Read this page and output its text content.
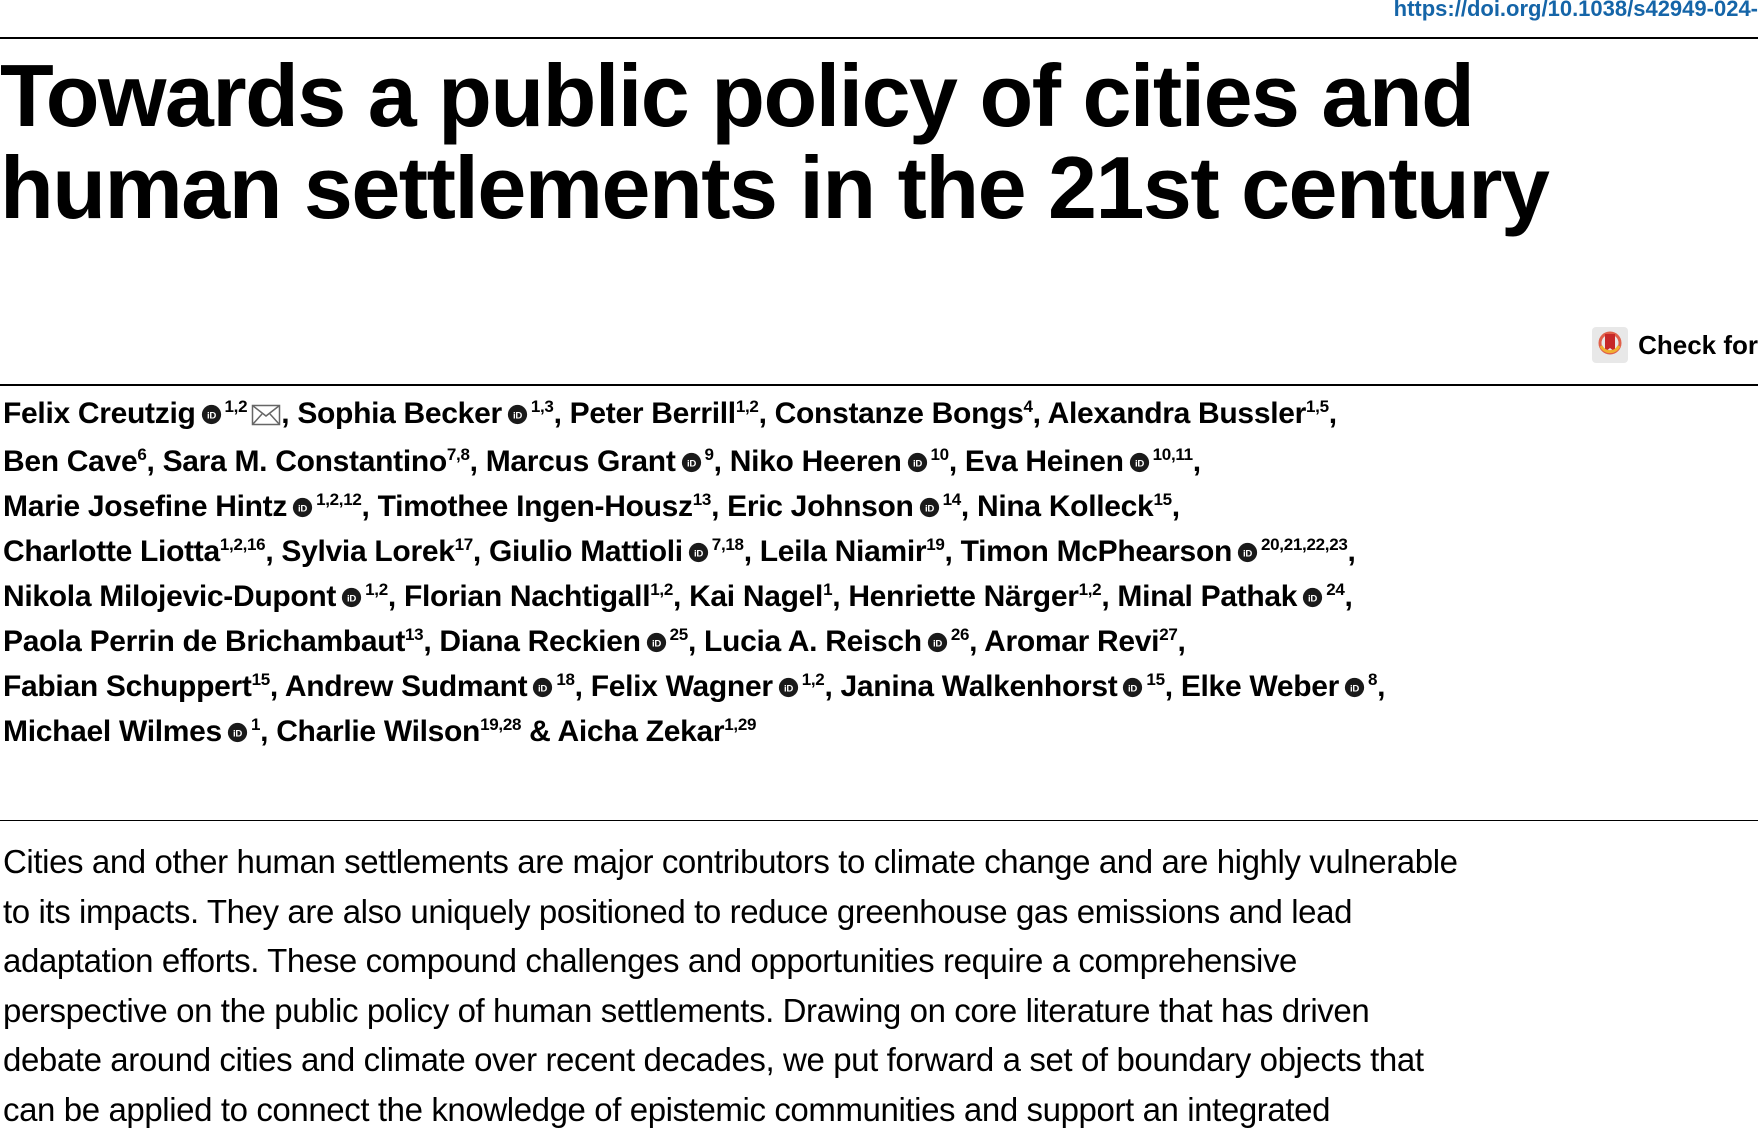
https://doi.org/10.1038/s42949-024-
Towards a public policy of cities and
human settlements in the 21st century
Check for
Felix Creutzig iD $^{1,2}$ , Sophia Becker iD $^{1,3}$, Peter Berrill$^{1,2}$, Constanze Bongs$^4$, Alexandra Bussler$^{1,5}$,
Ben Cave$^6$, Sara M. Constantino$^{7,8}$, Marcus Grant iD $^9$, Niko Heeren iD $^{10}$, Eva Heinen iD $^{10,11}$,
Marie Josefine Hintz iD $^{1,2,12}$, Timothee Ingen-Housz$^{13}$, Eric Johnson iD $^{14}$, Nina Kolleck$^{15}$,
Charlotte Liotta$^{1,2,16}$, Sylvia Lorek$^{17}$, Giulio Mattioli iD $^{7,18}$, Leila Niamir$^{19}$, Timon McPhearson iD $^{20,21,22,23}$,
Nikola Milojevic-Dupont iD $^{1,2}$, Florian Nachtigall$^{1,2}$, Kai Nagel$^1$, Henriette Närger$^{1,2}$, Minal Pathak iD $^{24}$,
Paola Perrin de Brichambaut$^{13}$, Diana Reckien iD $^{25}$, Lucia A. Reisch iD $^{26}$, Aromar Revi$^{27}$,
Fabian Schuppert$^{15}$, Andrew Sudmant iD $^{18}$, Felix Wagner iD $^{1,2}$, Janina Walkenhorst iD $^{15}$, Elke Weber iD $^8$,
Michael Wilmes iD $^1$, Charlie Wilson$^{19,28}$ & Aicha Zekar$^{1,29}$
Cities and other human settlements are major contributors to climate change and are highly vulnerable
to its impacts. They are also uniquely positioned to reduce greenhouse gas emissions and lead
adaptation efforts. These compound challenges and opportunities require a comprehensive
perspective on the public policy of human settlements. Drawing on core literature that has driven
debate around cities and climate over recent decades, we put forward a set of boundary objects that
can be applied to connect the knowledge of epistemic communities and support an integrated
